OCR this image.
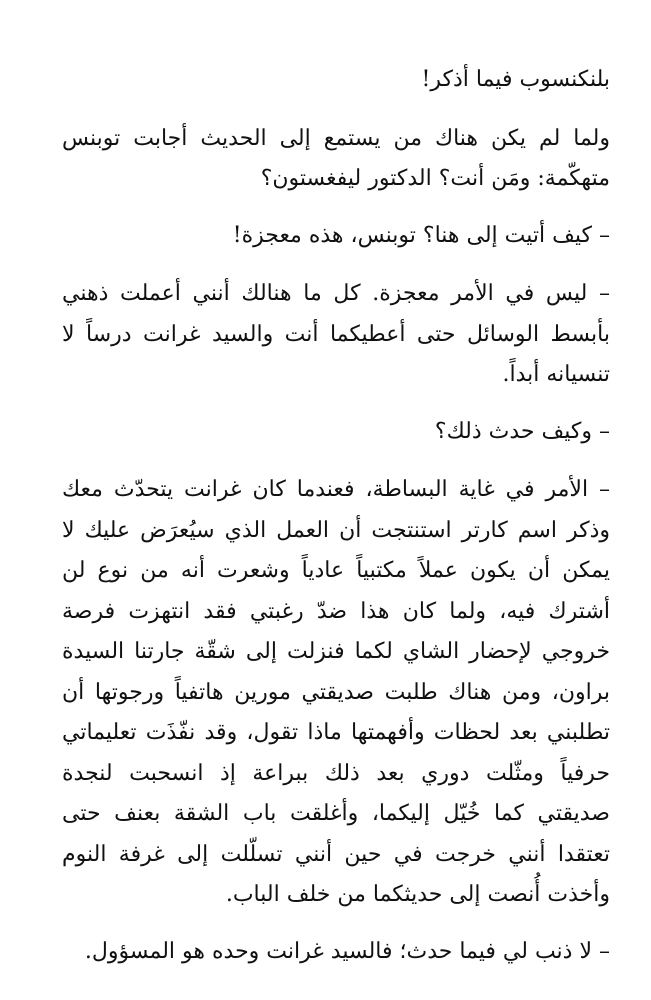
بلنكنسوب فيما أذكر!

ولما لم يكن هناك من يستمع إلى الحديث أجابت توبنس متهكّمة: ومَن أنت؟ الدكتور ليفغستون؟

– كيف أتيت إلى هنا؟ توبنس، هذه معجزة!

– ليس في الأمر معجزة. كل ما هنالك أنني أعملت ذهني بأبسط الوسائل حتى أعطيكما أنت والسيد غرانت درساً لا تنسيانه أبداً.

– وكيف حدث ذلك؟

– الأمر في غاية البساطة، فعندما كان غرانت يتحدّث معك وذكر اسم كارتر استنتجت أن العمل الذي سيُعرَض عليك لا يمكن أن يكون عملاً مكتبياً عادياً وشعرت أنه من نوع لن أشترك فيه، ولما كان هذا ضدّ رغبتي فقد انتهزت فرصة خروجي لإحضار الشاي لكما فنزلت إلى شقّة جارتنا السيدة براون، ومن هناك طلبت صديقتي مورين هاتفياً ورجوتها أن تطلبني بعد لحظات وأفهمتها ماذا تقول، وقد نفّذَت تعليماتي حرفياً ومثّلت دوري بعد ذلك ببراعة إذ انسحبت لنجدة صديقتي كما خُيّل إليكما، وأغلقت باب الشقة بعنف حتى تعتقدا أنني خرجت في حين أنني تسلّلت إلى غرفة النوم وأخذت أُنصت إلى حديثكما من خلف الباب.

– لا ذنب لي فيما حدث؛ فالسيد غرانت وحده هو المسؤول.
